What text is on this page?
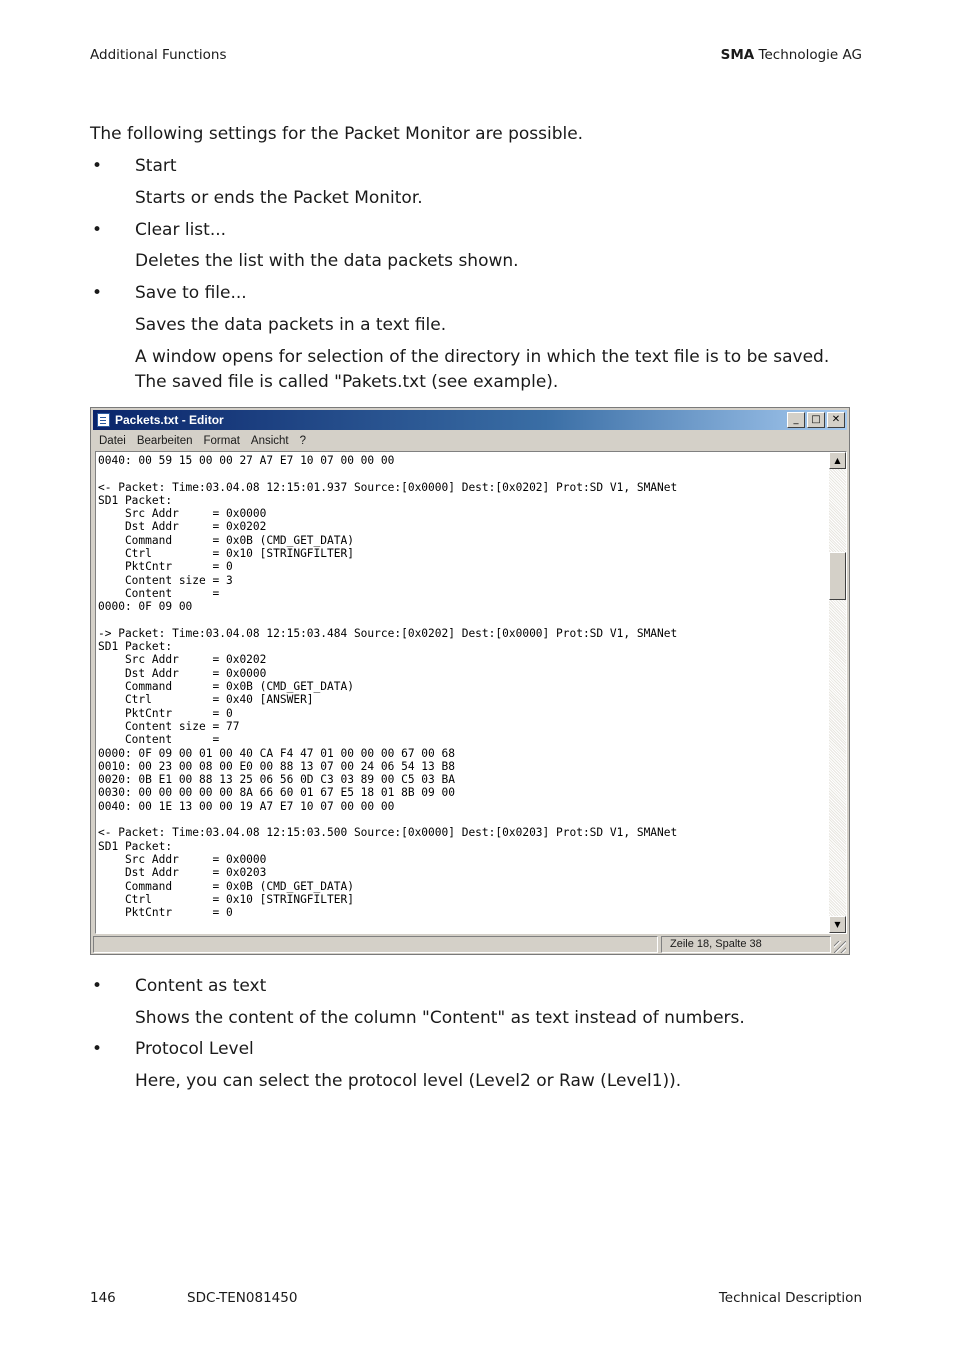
Additional Functions	SMA Technologie AG
The following settings for the Packet Monitor are possible.
• Start
Starts or ends the Packet Monitor.
• Clear list...
Deletes the list with the data packets shown.
• Save to file...
Saves the data packets in a text file.
A window opens for selection of the directory in which the text file is to be saved. The saved file is called "Pakets.txt (see example).
Packets.txt - Editor	_	□	✕
Datei Bearbeiten Format Ansicht ?
0040: 00 59 15 00 00 27 A7 E7 10 07 00 00 00

<- Packet: Time:03.04.08 12:15:01.937 Source:[0x0000] Dest:[0x0202] Prot:SD V1, SMANet
SD1 Packet:
Src Addr     = 0x0000
Dst Addr     = 0x0202
Command      = 0x0B (CMD_GET_DATA)
Ctrl         = 0x10 [STRINGFILTER]
PktCntr      = 0
Content size = 3
Content      =
0000: 0F 09 00

-> Packet: Time:03.04.08 12:15:03.484 Source:[0x0202] Dest:[0x0000] Prot:SD V1, SMANet
SD1 Packet:
Src Addr     = 0x0202
Dst Addr     = 0x0000
Command      = 0x0B (CMD_GET_DATA)
Ctrl         = 0x40 [ANSWER]
PktCntr      = 0
Content size = 77
Content      =
0000: 0F 09 00 01 00 40 CA F4 47 01 00 00 00 67 00 68
0010: 00 23 00 08 00 E0 00 88 13 07 00 24 06 54 13 B8
0020: 0B E1 00 88 13 25 06 56 0D C3 03 89 00 C5 03 BA
0030: 00 00 00 00 00 8A 66 60 01 67 E5 18 01 8B 09 00
0040: 00 1E 13 00 00 19 A7 E7 10 07 00 00 00

<- Packet: Time:03.04.08 12:15:03.500 Source:[0x0000] Dest:[0x0203] Prot:SD V1, SMANet
SD1 Packet:
Src Addr     = 0x0000
Dst Addr     = 0x0203
Command      = 0x0B (CMD_GET_DATA)
Ctrl         = 0x10 [STRINGFILTER]
PktCntr      = 0
▲
▼
Zeile 18, Spalte 38
• Content as text
Shows the content of the column "Content" as text instead of numbers.
• Protocol Level
Here, you can select the protocol level (Level2 or Raw (Level1)).
146	SDC-TEN081450	Technical Description
